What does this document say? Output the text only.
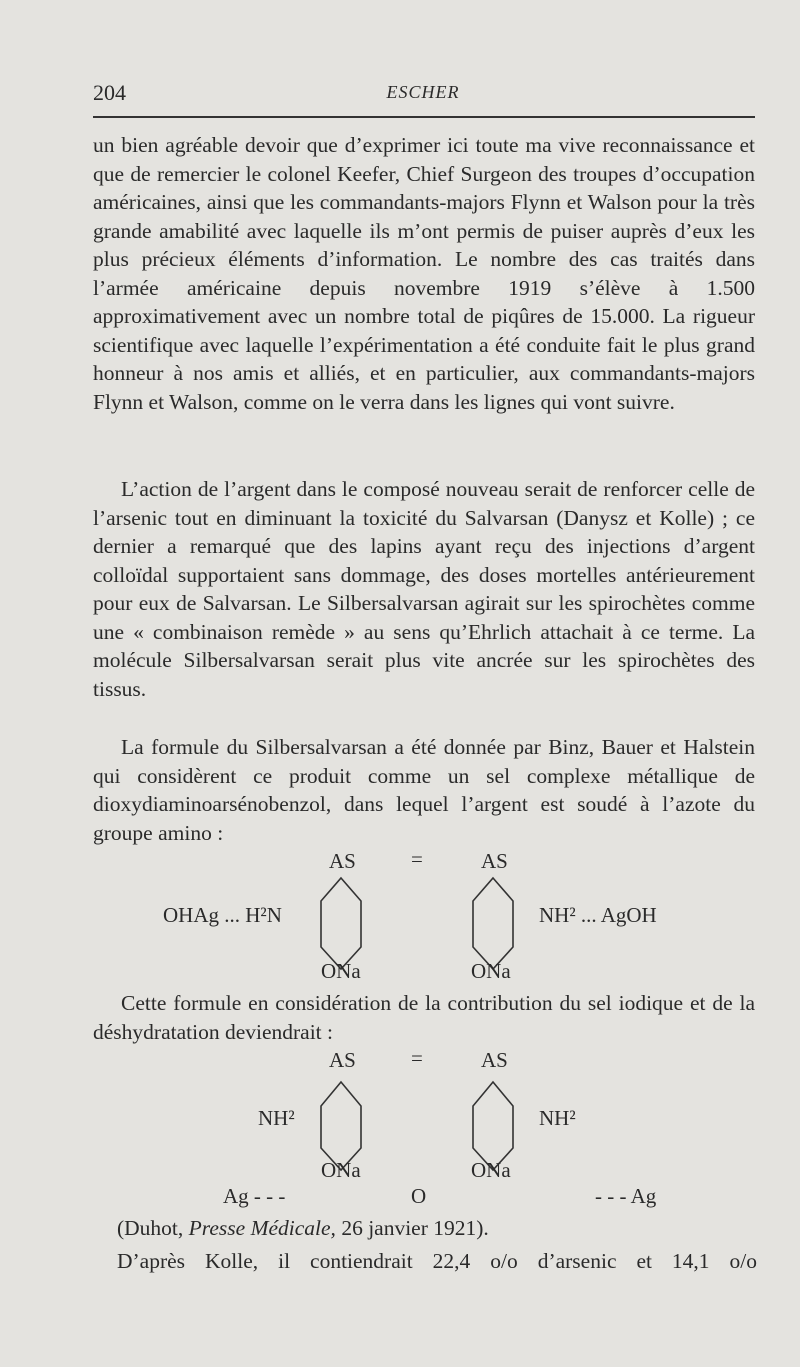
204	ESCHER

un bien agréable devoir que d’exprimer ici toute ma vive reconnaissance et que de remercier le colonel Keefer, Chief Surgeon des troupes d’occupation américaines, ainsi que les commandants-majors Flynn et Walson pour la très grande amabilité avec laquelle ils m’ont permis de puiser auprès d’eux les plus précieux éléments d’information. Le nombre des cas traités dans l’armée américaine depuis novembre 1919 s’élève à 1.500 approximativement avec un nombre total de piqûres de 15.000. La rigueur scientifique avec laquelle l’expérimentation a été conduite fait le plus grand honneur à nos amis et alliés, et en particulier, aux commandants-majors Flynn et Walson, comme on le verra dans les lignes qui vont suivre.

L’action de l’argent dans le composé nouveau serait de renforcer celle de l’arsenic tout en diminuant la toxicité du Salvarsan (Danysz et Kolle) ; ce dernier a remarqué que des lapins ayant reçu des injections d’argent colloïdal supportaient sans dommage, des doses mortelles antérieurement pour eux de Salvarsan. Le Silbersalvarsan agirait sur les spirochètes comme une « combinaison remède » au sens qu’Ehrlich attachait à ce terme. La molécule Silbersalvarsan serait plus vite ancrée sur les spirochètes des tissus.

La formule du Silbersalvarsan a été donnée par Binz, Bauer et Halstein qui considèrent ce produit comme un sel complexe métallique de dioxydiaminoarsénobenzol, dans lequel l’argent est soudé à l’azote du groupe amino :

AS	=	AS
OHAg ... H²N	NH² ... AgOH
ONa	ONa

Cette formule en considération de la contribution du sel iodique et de la déshydratation deviendrait :

AS	=	AS
NH²	NH²
ONa	ONa
Ag - - -	O	- - - Ag
(Duhot, Presse Médicale, 26 janvier 1921).
D’après Kolle, il contiendrait 22,4 o/o d’arsenic et 14,1 o/o
